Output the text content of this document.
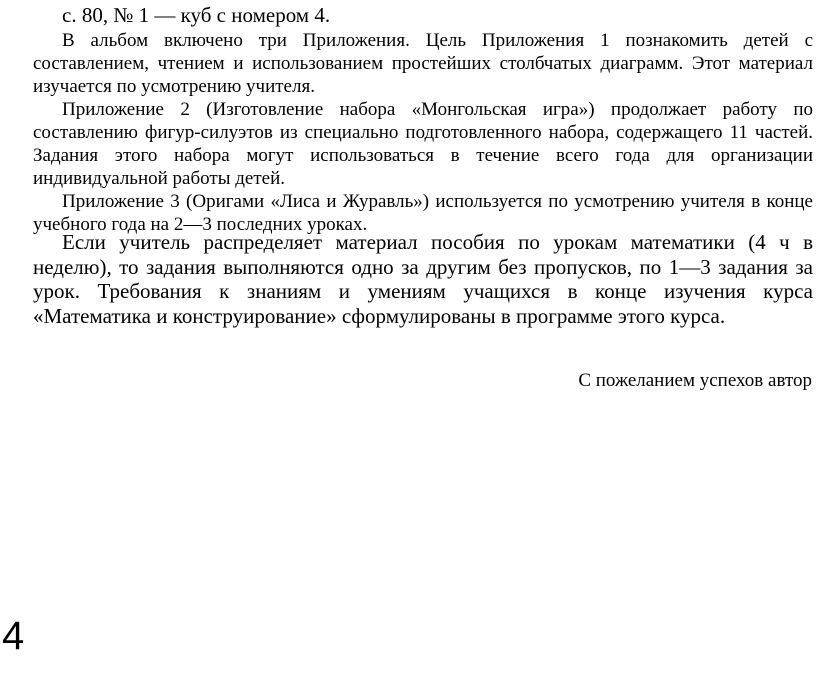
с. 80, № 1 — куб с номером 4.

В альбом включено три Приложения. Цель Приложения 1 познакомить детей с составлением, чтением и использованием простейших столбчатых диаграмм. Этот материал изучается по усмотрению учителя.

Приложение 2 (Изготовление набора «Монгольская игра») продолжает работу по составлению фигур-силуэтов из специально подготовленного набора, содержащего 11 частей. Задания этого набора могут использоваться в течение всего года для организации индивидуальной работы детей.

Приложение 3 (Оригами «Лиса и Журавль») используется по усмотрению учителя в конце учебного года на 2—3 последних уроках.

Если учитель распределяет материал пособия по урокам математики (4 ч в неделю), то задания выполняются одно за другим без пропусков, по 1—3 задания за урок. Требования к знаниям и умениям учащихся в конце изучения курса «Математика и конструирование» сформулированы в программе этого курса.

С пожеланием успехов автор

4
